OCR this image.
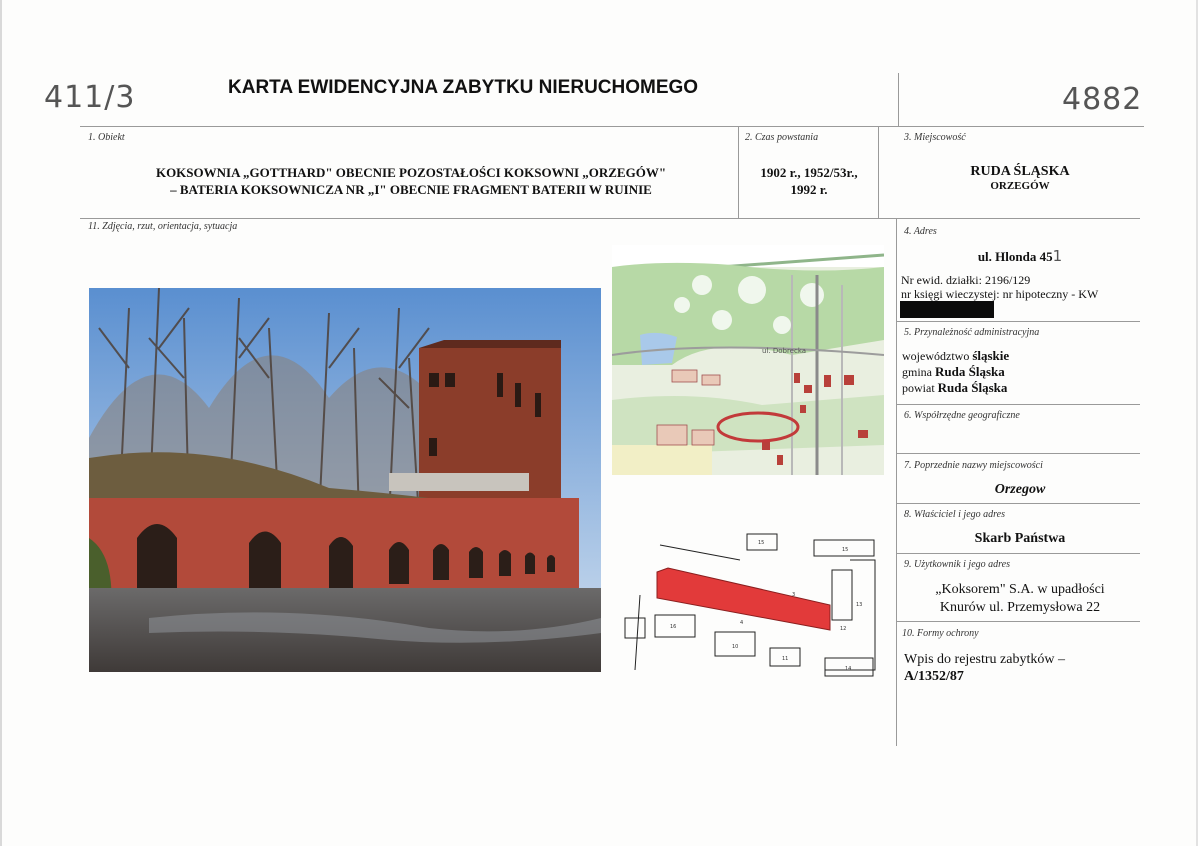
411/3	KARTA EWIDENCYJNA ZABYTKU NIERUCHOMEGO	4882
1. Obiekt
KOKSOWNIA „GOTTHARD" OBECNIE POZOSTAŁOŚCI KOKSOWNI „ORZEGÓW"
– BATERIA KOKSOWNICZA NR „I" OBECNIE FRAGMENT BATERII W RUINIE
2. Czas powstania
1902 r., 1952/53r.,
1992 r.
3. Miejscowość
RUDA ŚLĄSKA
ORZEGÓW
11. Zdjęcia, rzut, orientacja, sytuacja
ul. Dobrecka
15
15
3
10
11
16
4
12
14
13
4. Adres
ul. Hlonda 451
Nr ewid. działki: 2196/129
nr księgi wieczystej: nr hipoteczny - KW
5. Przynależność administracyjna
województwo śląskie
gmina Ruda Śląska
powiat Ruda Śląska
6. Współrzędne geograficzne
7. Poprzednie nazwy miejscowości
Orzegow
8. Właściciel i jego adres
Skarb Państwa
9. Użytkownik i jego adres
„Koksorem" S.A. w upadłości
Knurów ul. Przemysłowa 22
10. Formy ochrony
Wpis do rejestru zabytków –
A/1352/87
